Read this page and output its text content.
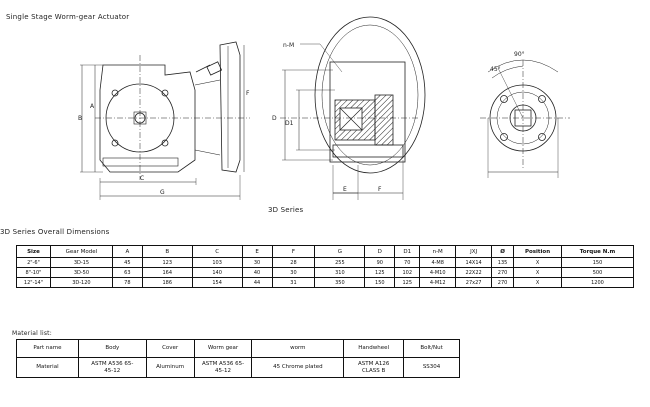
Single Stage Worm-gear Actuator
B
A
C
G
F
n-M
D
D1
E	F
90°
45°
3D Series
3D Series Overall Dimensions
Size	Gear Model	A	B	C	E	F	G	D	D1	n-M	JXJ	Ø	Position	Torque N.m
2"-6"	3D-15	45	123	103	30	28	255	90	70	4-M8	14X14	135	X	150
8"-10"	3D-50	63	164	140	40	30	310	125	102	4-M10	22X22	270	X	500
12"-14"	3D-120	78	186	154	44	31	350	150	125	4-M12	27x27	270	X	1200
Material list:
Part name	Body	Cover	Worm gear	worm	Handwheel	Bolt/Nut
Material	ASTM A536 65-45-12	Aluminum	ASTM A536 65-45-12	45 Chrome plated	ASTM A126 CLASS B	SS304
